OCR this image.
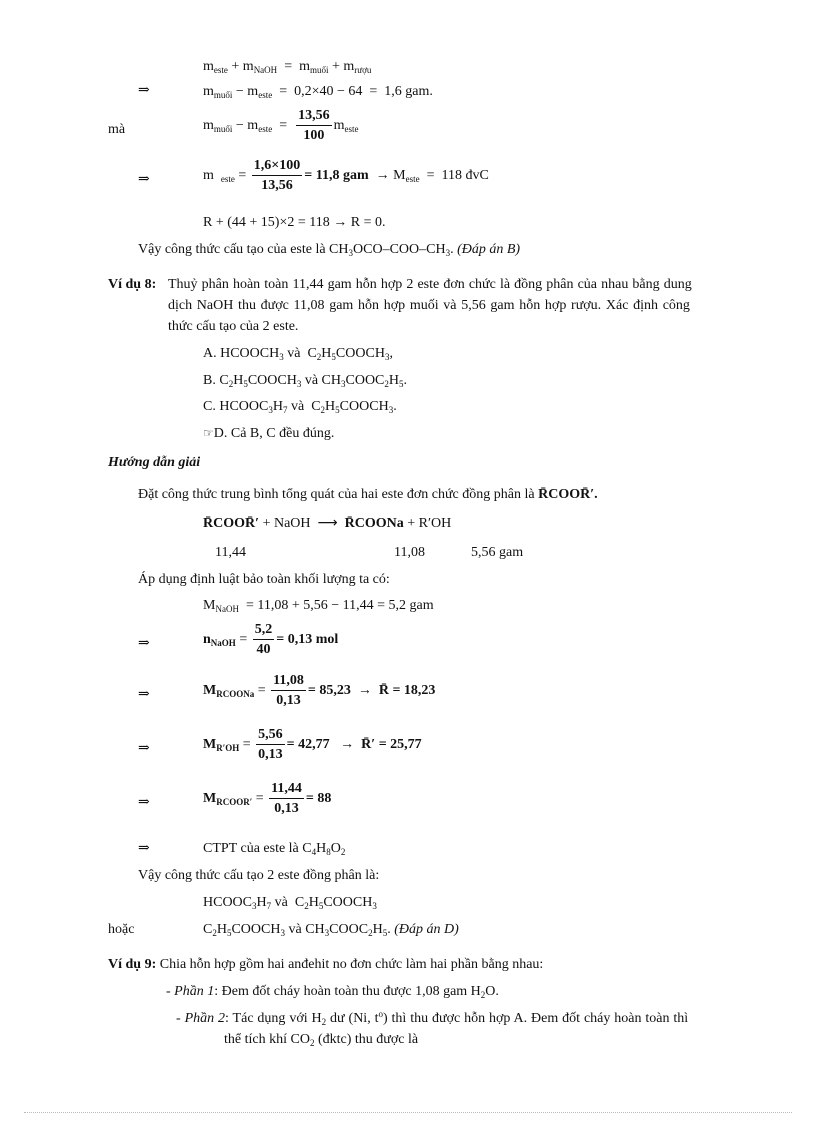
$m_{este} + m_{NaOH} = m_{muối} + m_{rượu}$
⇒	$m_{muối} - m_{este} = 0,2\times 40 - 64 = 1,6$ gam.
mà	$m_{muối} - m_{este} = \frac{13,56}{100} m_{este}$
⇒	m  $_{este} = \frac{1,6\times 100}{13,56} = 11,8$ gam  → $M_{este} = 118$ đvC
R + (44 + 15)×2 = 118 → R = 0.
Vậy công thức cấu tạo của este là $CH_3OCO-COO-CH_3$. (Đáp án B)
Ví dụ 8: Thuỷ phân hoàn toàn 11,44 gam hỗn hợp 2 este đơn chức là đồng phân của nhau bằng dung
dịch NaOH thu được 11,08 gam hỗn hợp muối và 5,56 gam hỗn hợp rượu. Xác định công
thức cấu tạo của 2 este.
A. $HCOOCH_3$ và  $C_2H_5COOCH_3$,
B. $C_2H_5COOCH_3$ và $CH_3COOC_2H_5$.
C. $HCOOC_3H_7$ và  $C_2H_5COOCH_3$.
☞D. Cả B, C đều đúng.
Hướng dẫn giải
Đặt công thức trung bình tổng quát của hai este đơn chức đồng phân là R̄COOR̄′.
R̄COOR̄′ + NaOH ⟶ R̄COONa + R′OH
11,44	11,08	5,56 gam
Áp dụng định luật bảo toàn khối lượng ta có:
$M_{NaOH} = 11,08 + 5,56 - 11,44 = 5,2$ gam
⇒	$n_{NaOH} = \frac{5,2}{40} = 0,13$ mol
⇒	$M_{RCOONa} = \frac{11,08}{0,13} = 85,23$  →  R̄ = 18,23
⇒	$M_{R'OH} = \frac{5,56}{0,13} = 42,77$   →  R̄′ = 25,77
⇒	$M_{RCOOR'} = \frac{11,44}{0,13} = 88$
⇒	CTPT của este là $C_4H_8O_2$
Vậy công thức cấu tạo 2 este đồng phân là:
$HCOOC_3H_7$ và  $C_2H_5COOCH_3$
hoặc	$C_2H_5COOCH_3$ và $CH_3COOC_2H_5$. (Đáp án D)
Ví dụ 9: Chia hỗn hợp gồm hai anđehit no đơn chức làm hai phần bằng nhau:
- Phần 1: Đem đốt cháy hoàn toàn thu được 1,08 gam $H_2O$.
- Phần 2: Tác dụng với $H_2$ dư (Ni, $t^o$) thì thu được hỗn hợp A. Đem đốt cháy hoàn toàn thì
thể tích khí $CO_2$ (đktc) thu được là
